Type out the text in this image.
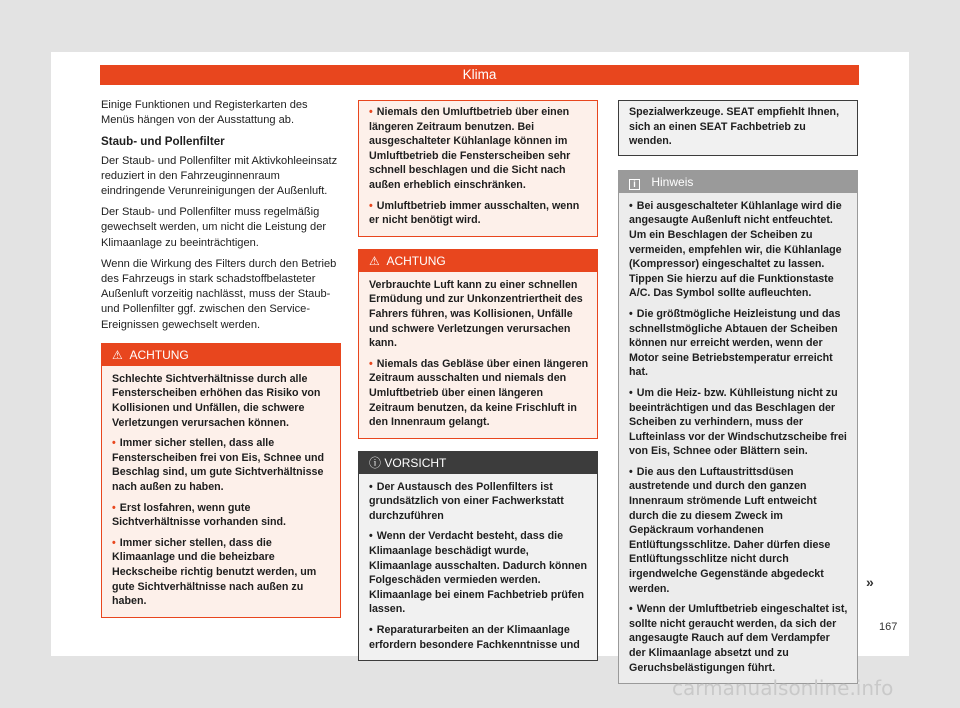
Klima

Einige Funktionen und Registerkarten des Menüs hängen von der Ausstattung ab.

Staub- und Pollenfilter

Der Staub- und Pollenfilter mit Aktivkohleeinsatz reduziert in den Fahrzeuginnenraum eindringende Verunreinigungen der Außenluft.

Der Staub- und Pollenfilter muss regelmäßig gewechselt werden, um nicht die Leistung der Klimaanlage zu beeinträchtigen.

Wenn die Wirkung des Filters durch den Betrieb des Fahrzeugs in stark schadstoffbelasteter Außenluft vorzeitig nachlässt, muss der Staub- und Pollenfilter ggf. zwischen den Service-Ereignissen gewechselt werden.

⚠ ACHTUNG

Schlechte Sichtverhältnisse durch alle Fensterscheiben erhöhen das Risiko von Kollisionen und Unfällen, die schwere Verletzungen verursachen können.

• Immer sicher stellen, dass alle Fensterscheiben frei von Eis, Schnee und Beschlag sind, um gute Sichtverhältnisse nach außen zu haben.

• Erst losfahren, wenn gute Sichtverhältnisse vorhanden sind.

• Immer sicher stellen, dass die Klimaanlage und die beheizbare Heckscheibe richtig benutzt werden, um gute Sichtverhältnisse nach außen zu haben.

• Niemals den Umluftbetrieb über einen längeren Zeitraum benutzen. Bei ausgeschalteter Kühlanlage können im Umluftbetrieb die Fensterscheiben sehr schnell beschlagen und die Sicht nach außen erheblich einschränken.

• Umluftbetrieb immer ausschalten, wenn er nicht benötigt wird.

⚠ ACHTUNG

Verbrauchte Luft kann zu einer schnellen Ermüdung und zur Unkonzentriertheit des Fahrers führen, was Kollisionen, Unfälle und schwere Verletzungen verursachen kann.

• Niemals das Gebläse über einen längeren Zeitraum ausschalten und niemals den Umluftbetrieb über einen längeren Zeitraum benutzen, da keine Frischluft in den Innenraum gelangt.

ⓘ VORSICHT

• Der Austausch des Pollenfilters ist grundsätzlich von einer Fachwerkstatt durchzuführen

• Wenn der Verdacht besteht, dass die Klimaanlage beschädigt wurde, Klimaanlage ausschalten. Dadurch können Folgeschäden vermieden werden. Klimaanlage bei einem Fachbetrieb prüfen lassen.

• Reparaturarbeiten an der Klimaanlage erfordern besondere Fachkenntnisse und

Spezialwerkzeuge. SEAT empfiehlt Ihnen, sich an einen SEAT Fachbetrieb zu wenden.
i Hinweis

• Bei ausgeschalteter Kühlanlage wird die angesaugte Außenluft nicht entfeuchtet. Um ein Beschlagen der Scheiben zu vermeiden, empfehlen wir, die Kühlanlage (Kompressor) eingeschaltet zu lassen. Tippen Sie hierzu auf die Funktionstaste A/C. Das Symbol sollte aufleuchten.

• Die größtmögliche Heizleistung und das schnellstmögliche Abtauen der Scheiben können nur erreicht werden, wenn der Motor seine Betriebstemperatur erreicht hat.

• Um die Heiz- bzw. Kühlleistung nicht zu beeinträchtigen und das Beschlagen der Scheiben zu verhindern, muss der Lufteinlass vor der Windschutzscheibe frei von Eis, Schnee oder Blättern sein.

• Die aus den Luftaustrittsdüsen austretende und durch den ganzen Innenraum strömende Luft entweicht durch die zu diesem Zweck im Gepäckraum vorhandenen Entlüftungsschlitze. Daher dürfen diese Entlüftungsschlitze nicht durch irgendwelche Gegenstände abgedeckt werden.

• Wenn der Umluftbetrieb eingeschaltet ist, sollte nicht geraucht werden, da sich der angesaugte Rauch auf dem Verdampfer der Klimaanlage absetzt und zu Geruchsbelästigungen führt.

»
167
carmanualsonline.info
